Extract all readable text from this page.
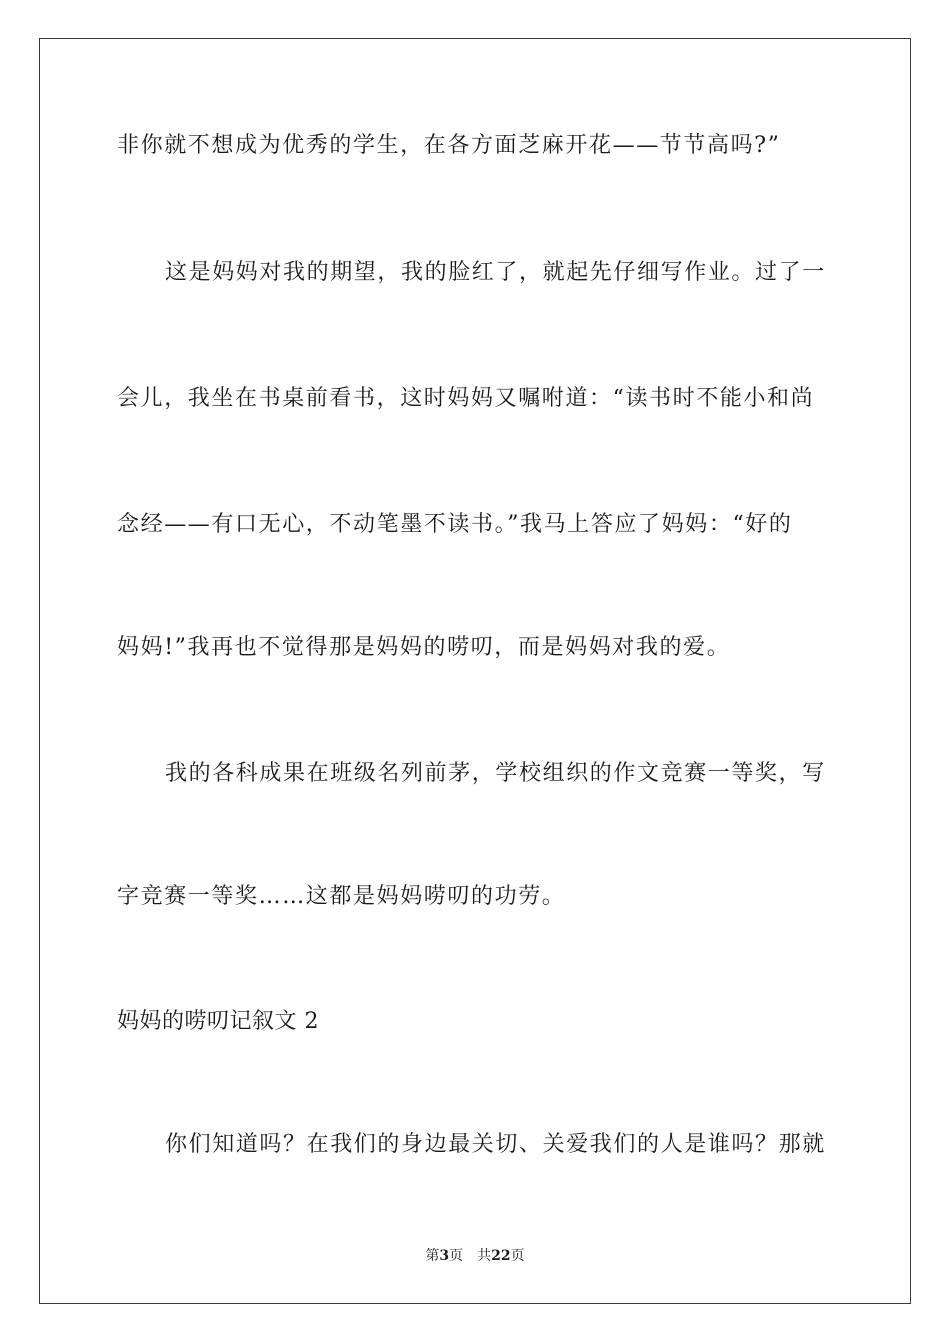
非你就不想成为优秀的学生，在各方面芝麻开花——节节高吗?”
这是妈妈对我的期望，我的脸红了，就起先仔细写作业。过了一
会儿，我坐在书桌前看书，这时妈妈又嘱咐道：“读书时不能小和尚
念经——有口无心，不动笔墨不读书。”我马上答应了妈妈：“好的
妈妈!”我再也不觉得那是妈妈的唠叨，而是妈妈对我的爱。
我的各科成果在班级名列前茅，学校组织的作文竞赛一等奖，写
字竞赛一等奖……这都是妈妈唠叨的功劳。
妈妈的唠叨记叙文 2
你们知道吗？在我们的身边最关切、关爱我们的人是谁吗？那就
第3页 共22页
